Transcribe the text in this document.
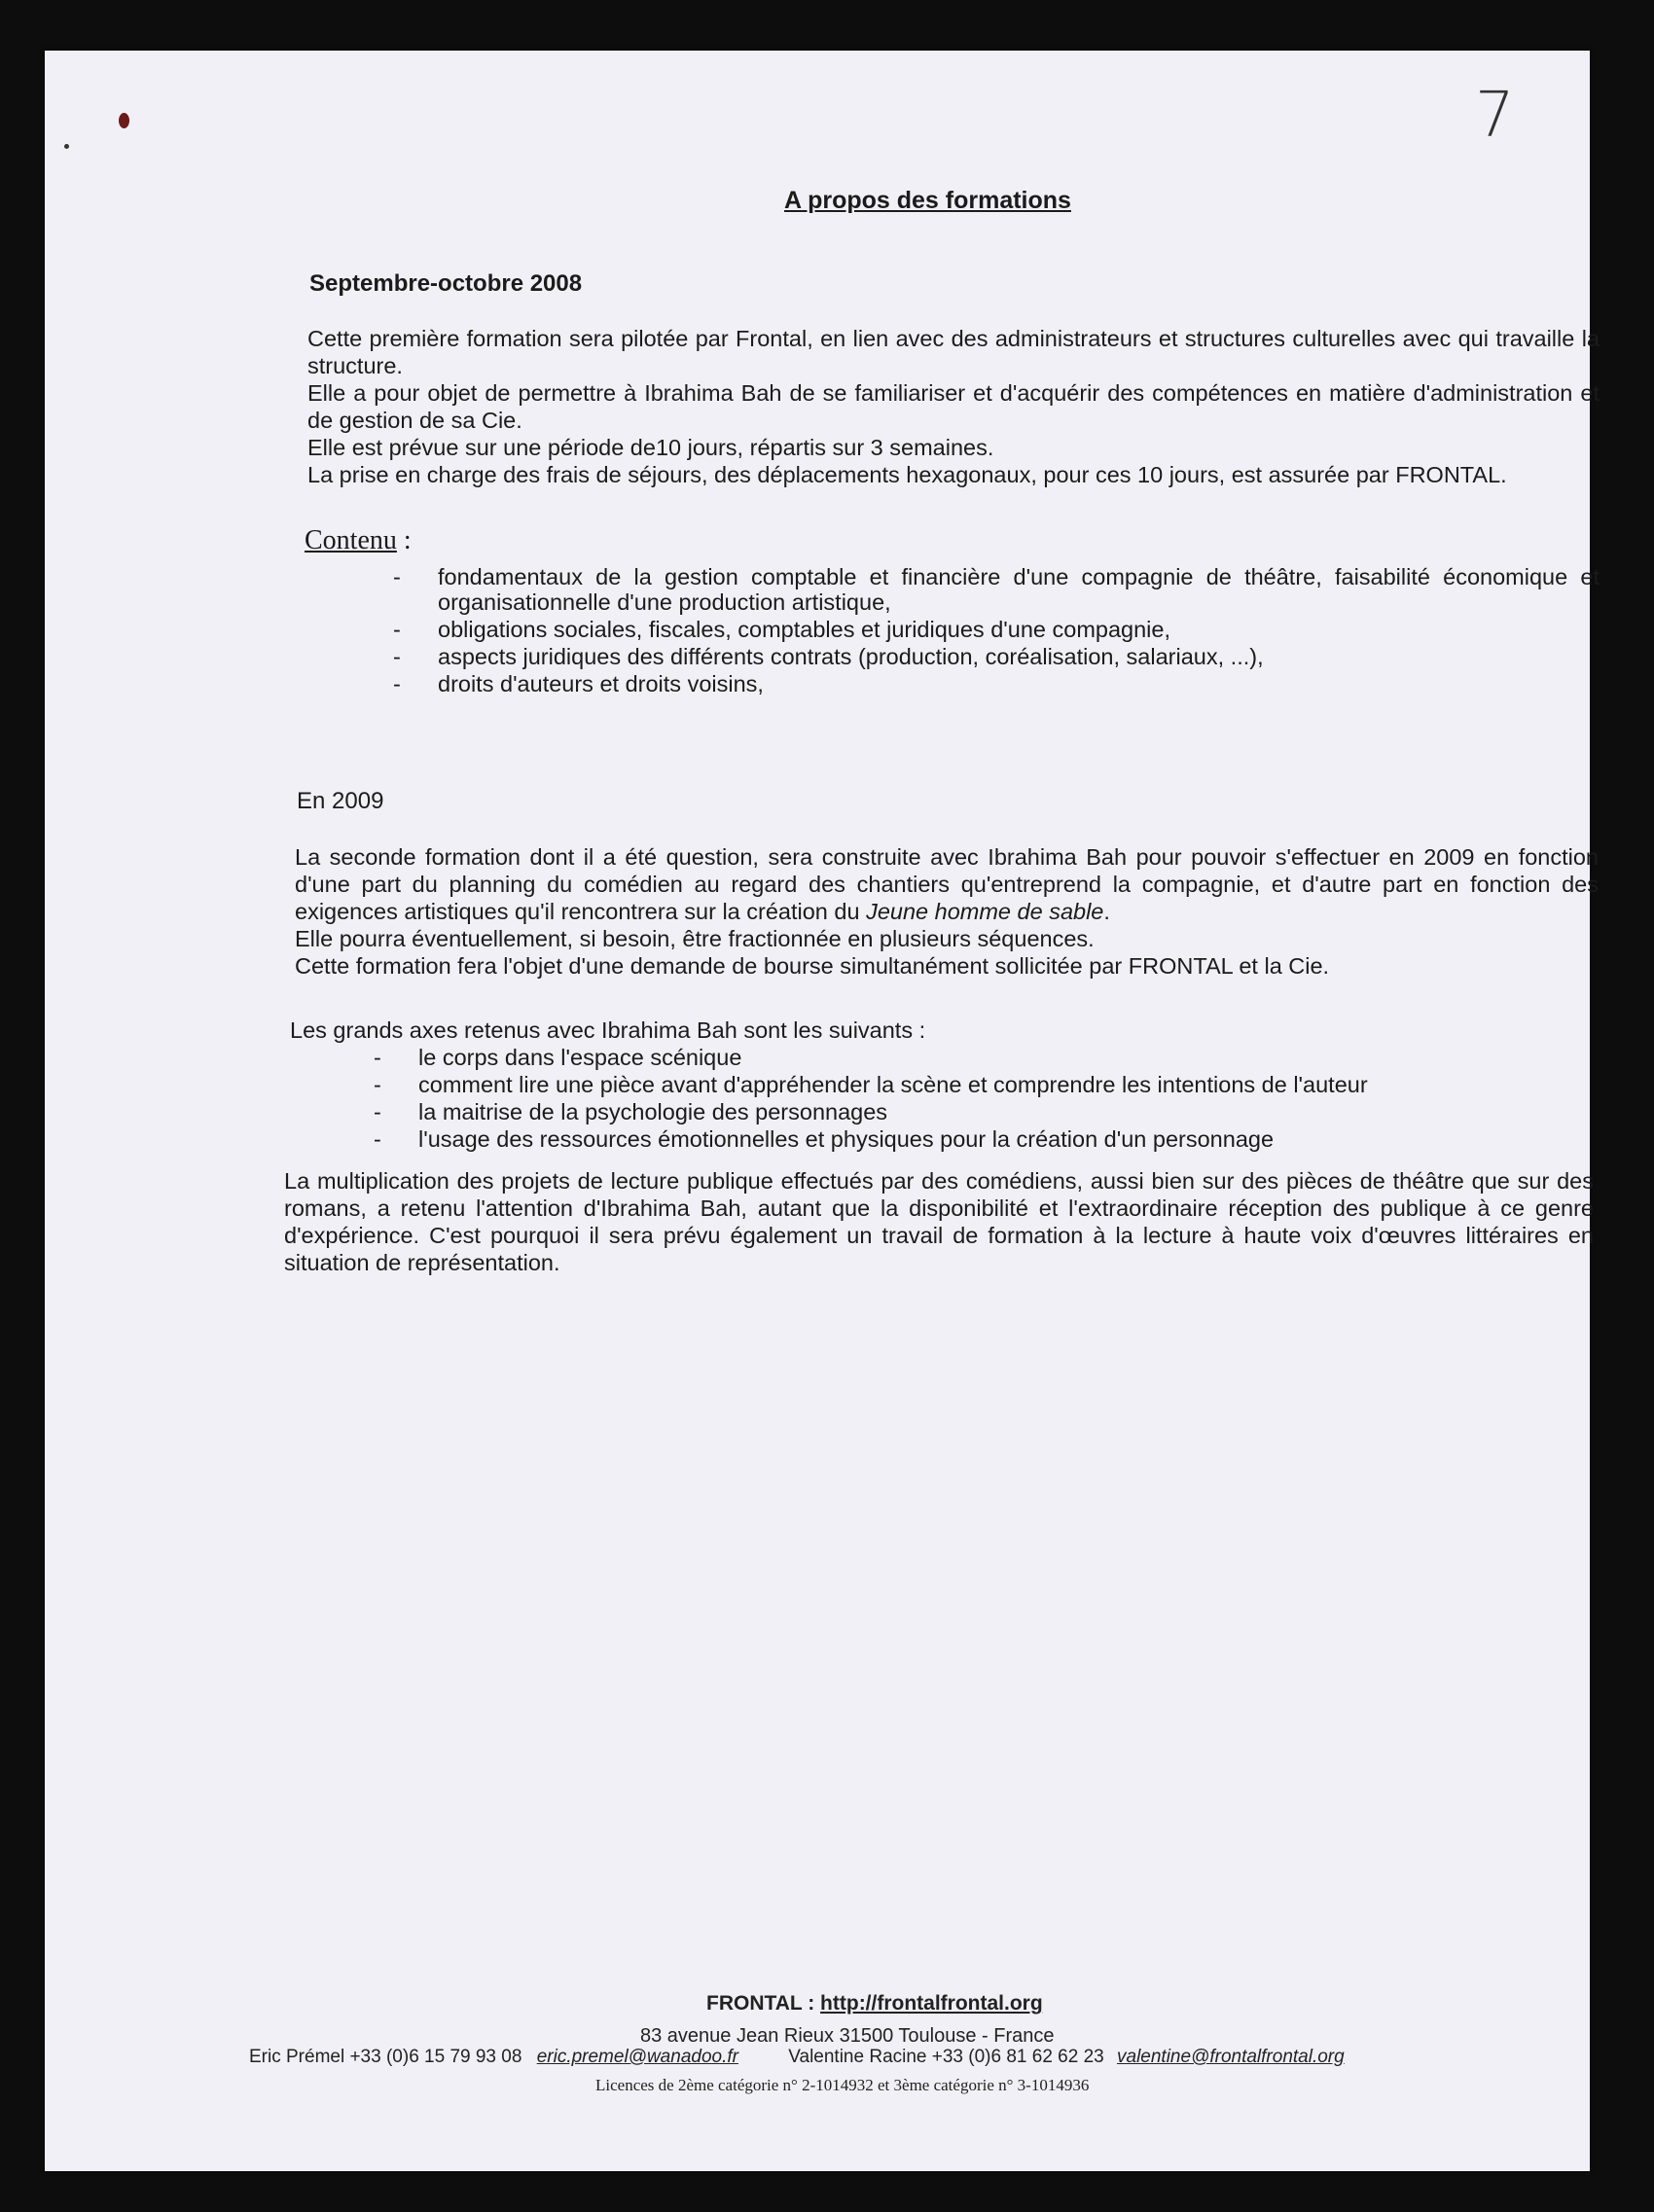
7
A propos des formations
Septembre-octobre 2008

Cette première formation sera pilotée par Frontal, en lien avec des administrateurs et structures culturelles avec qui travaille la structure.

Elle a pour objet de permettre à Ibrahima Bah de se familiariser et d'acquérir des compétences en matière d'administration et de gestion de sa Cie.

Elle est prévue sur une période de10 jours, répartis sur 3 semaines.

La prise en charge des frais de séjours, des déplacements hexagonaux, pour ces 10 jours, est assurée par FRONTAL.

Contenu :
- fondamentaux de la gestion comptable et financière d'une compagnie de théâtre, faisabilité économique et organisationnelle d'une production artistique,
- obligations sociales, fiscales, comptables et juridiques d'une compagnie,
- aspects juridiques des différents contrats (production, coréalisation, salariaux, ...),
- droits d'auteurs et droits voisins,
En 2009

La seconde formation dont il a été question, sera construite avec Ibrahima Bah pour pouvoir s'effectuer en 2009 en fonction d'une part du planning du comédien au regard des chantiers qu'entreprend la compagnie, et d'autre part en fonction des exigences artistiques qu'il rencontrera sur la création du Jeune homme de sable.

Elle pourra éventuellement, si besoin, être fractionnée en plusieurs séquences.

Cette formation fera l'objet d'une demande de bourse simultanément sollicitée par FRONTAL et la Cie.

Les grands axes retenus avec Ibrahima Bah sont les suivants :
- le corps dans l'espace scénique
- comment lire une pièce avant d'appréhender la scène et comprendre les intentions de l'auteur
- la maitrise de la psychologie des personnages
- l'usage des ressources émotionnelles et physiques pour la création d'un personnage
La multiplication des projets de lecture publique effectués par des comédiens, aussi bien sur des pièces de théâtre que sur des romans, a retenu l'attention d'Ibrahima Bah, autant que la disponibilité et l'extraordinaire réception des publique à ce genre d'expérience. C'est pourquoi il sera prévu également un travail de formation à la lecture à haute voix d'œuvres littéraires en situation de représentation.
FRONTAL : http://frontalfrontal.org
83 avenue Jean Rieux 31500 Toulouse - France
Eric Prémel +33 (0)6 15 79 93 08 eric.premel@wanadoo.fr	Valentine Racine +33 (0)6 81 62 62 23 valentine@frontalfrontal.org
Licences de 2ème catégorie n° 2-1014932 et 3ème catégorie n° 3-1014936
